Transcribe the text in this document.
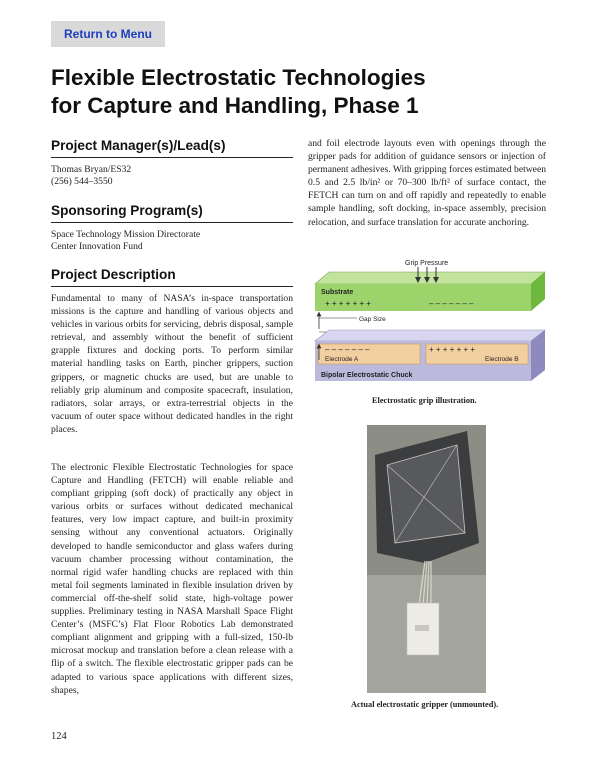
Return to Menu
Flexible Electrostatic Technologies
for Capture and Handling, Phase 1
Project Manager(s)/Lead(s)
Thomas Bryan/ES32
(256) 544–3550
Sponsoring Program(s)
Space Technology Mission Directorate
Center Innovation Fund
Project Description

Fundamental to many of NASA’s in-space transportation missions is the capture and handling of various objects and vehicles in various orbits for servicing, debris disposal, sample retrieval, and assembly without the benefit of sufficient grapple fixtures and docking ports. To perform similar material handling tasks on Earth, pincher grippers, suction grippers, or magnetic chucks are used, but are unable to reliably grip aluminum and composite spacecraft, insulation, radiators, solar arrays, or extra-terrestrial objects in the vacuum of outer space without dedicated handles in the right places.

The electronic Flexible Electrostatic Technologies for space Capture and Handling (FETCH) will enable reliable and compliant gripping (soft dock) of practically any object in various orbits or surfaces without dedicated mechanical features, very low impact capture, and built-in proximity sensing without any conventional actuators. Originally developed to handle semiconductor and glass wafers during vacuum chamber processing without contamination, the normal rigid wafer handling chucks are replaced with thin metal foil segments laminated in flexible insulation driven by commercial off-the-shelf solid state, high-voltage power supplies. Preliminary testing in NASA Marshall Space Flight Center’s (MSFC’s) Flat Floor Robotics Lab demonstrated compliant alignment and gripping with a full-sized, 150-lb microsat mockup and translation before a clean release with a flip of a switch. The flexible electrostatic gripper pads can be adapted to various space applications with different sizes, shapes,

and foil electrode layouts even with openings through the gripper pads for addition of guidance sensors or injection of permanent adhesives. With gripping forces estimated between 0.5 and 2.5 lb/in² or 70–300 lb/ft² of surface contact, the FETCH can turn on and off rapidly and repeatedly to enable sample handling, soft docking, in-space assembly, precision relocation, and surface translation for accurate anchoring.

Grip Pressure
Substrate
+ + + + + + +	– – – – – – –
Gap Size
– – – – – – –	+ + + + + + +
Electrode A	Electrode B
Bipolar Electrostatic Chuck
Electrostatic grip illustration.
Actual electrostatic gripper (unmounted).
124
